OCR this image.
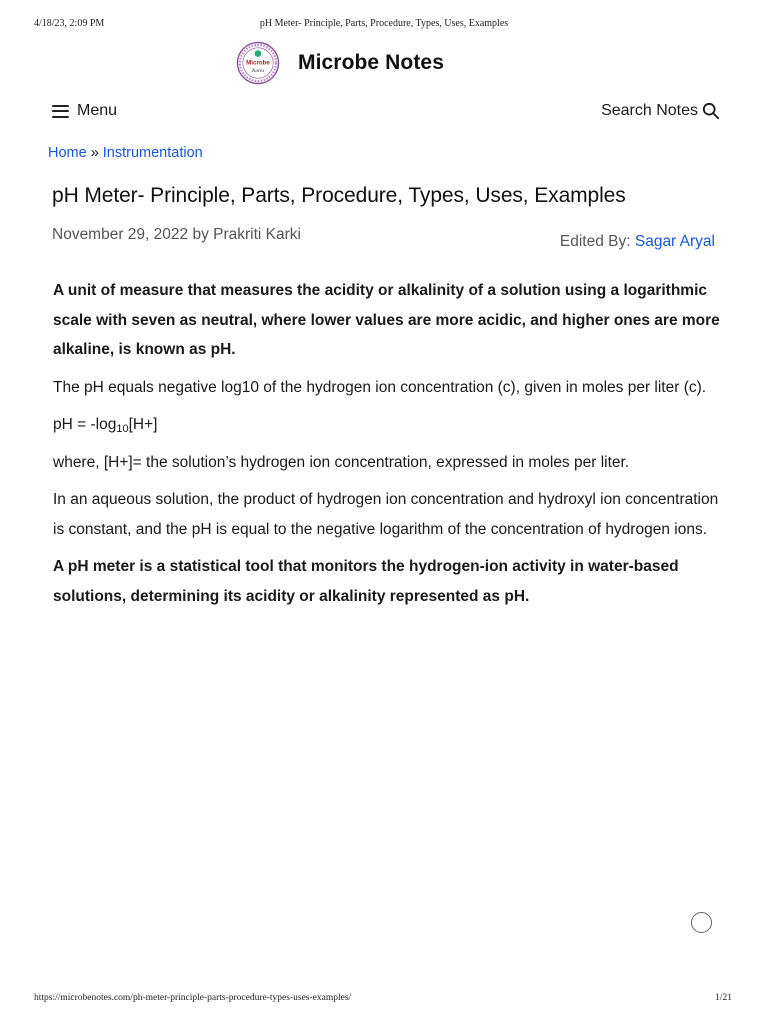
4/18/23, 2:09 PM	pH Meter- Principle, Parts, Procedure, Types, Uses, Examples
Microbe
Notes Microbe Notes
Menu	Search Notes
Home » Instrumentation
pH Meter- Principle, Parts, Procedure, Types, Uses, Examples
November 29, 2022 by Prakriti Karki	Edited By: Sagar Aryal

A unit of measure that measures the acidity or alkalinity of a solution using a logarithmic scale with seven as neutral, where lower values are more acidic, and higher ones are more alkaline, is known as pH.

The pH equals negative log10 of the hydrogen ion concentration (c), given in moles per liter (c).

pH = $-\log_{10}[H+]$

where, [H+]= the solution’s hydrogen ion concentration, expressed in moles per liter.

In an aqueous solution, the product of hydrogen ion concentration and hydroxyl ion concentration is constant, and the pH is equal to the negative logarithm of the concentration of hydrogen ions.

A pH meter is a statistical tool that monitors the hydrogen-ion activity in water-based solutions, determining its acidity or alkalinity represented as pH.

https://microbenotes.com/ph-meter-principle-parts-procedure-types-uses-examples/	1/21
